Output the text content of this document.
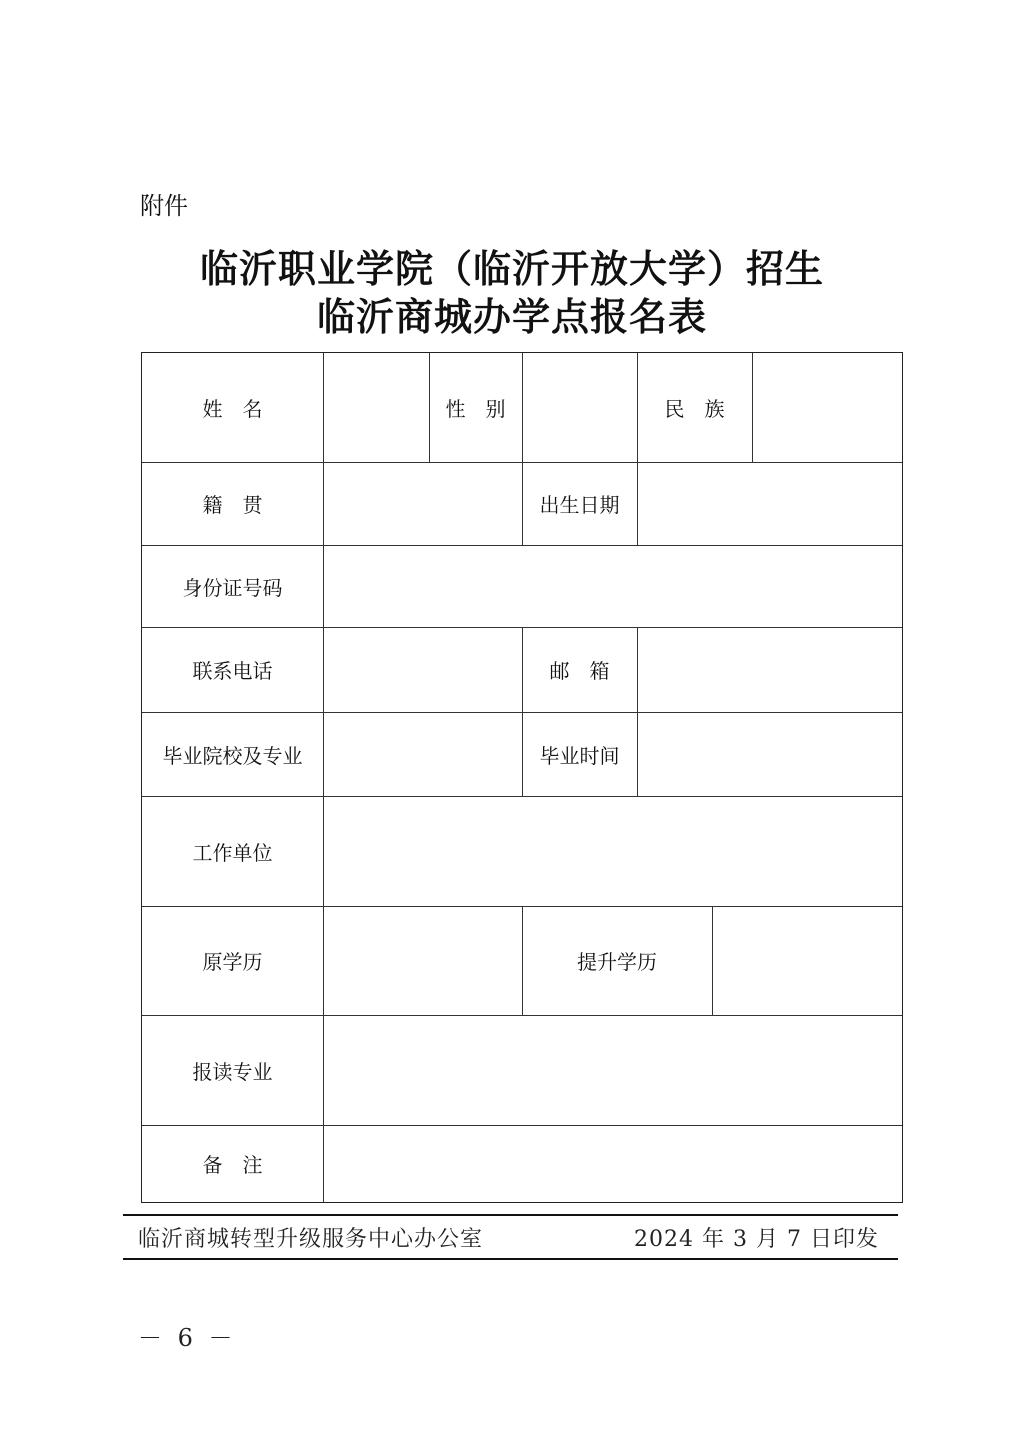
附件
临沂职业学院（临沂开放大学）招生
临沂商城办学点报名表
姓　名	性　别	民　族
籍　贯	出生日期
身份证号码
联系电话	邮　箱
毕业院校及专业	毕业时间
工作单位
原学历	提升学历
报读专业
备　注
临沂商城转型升级服务中心办公室	2024 年 3 月 7 日印发
－ 6 －
